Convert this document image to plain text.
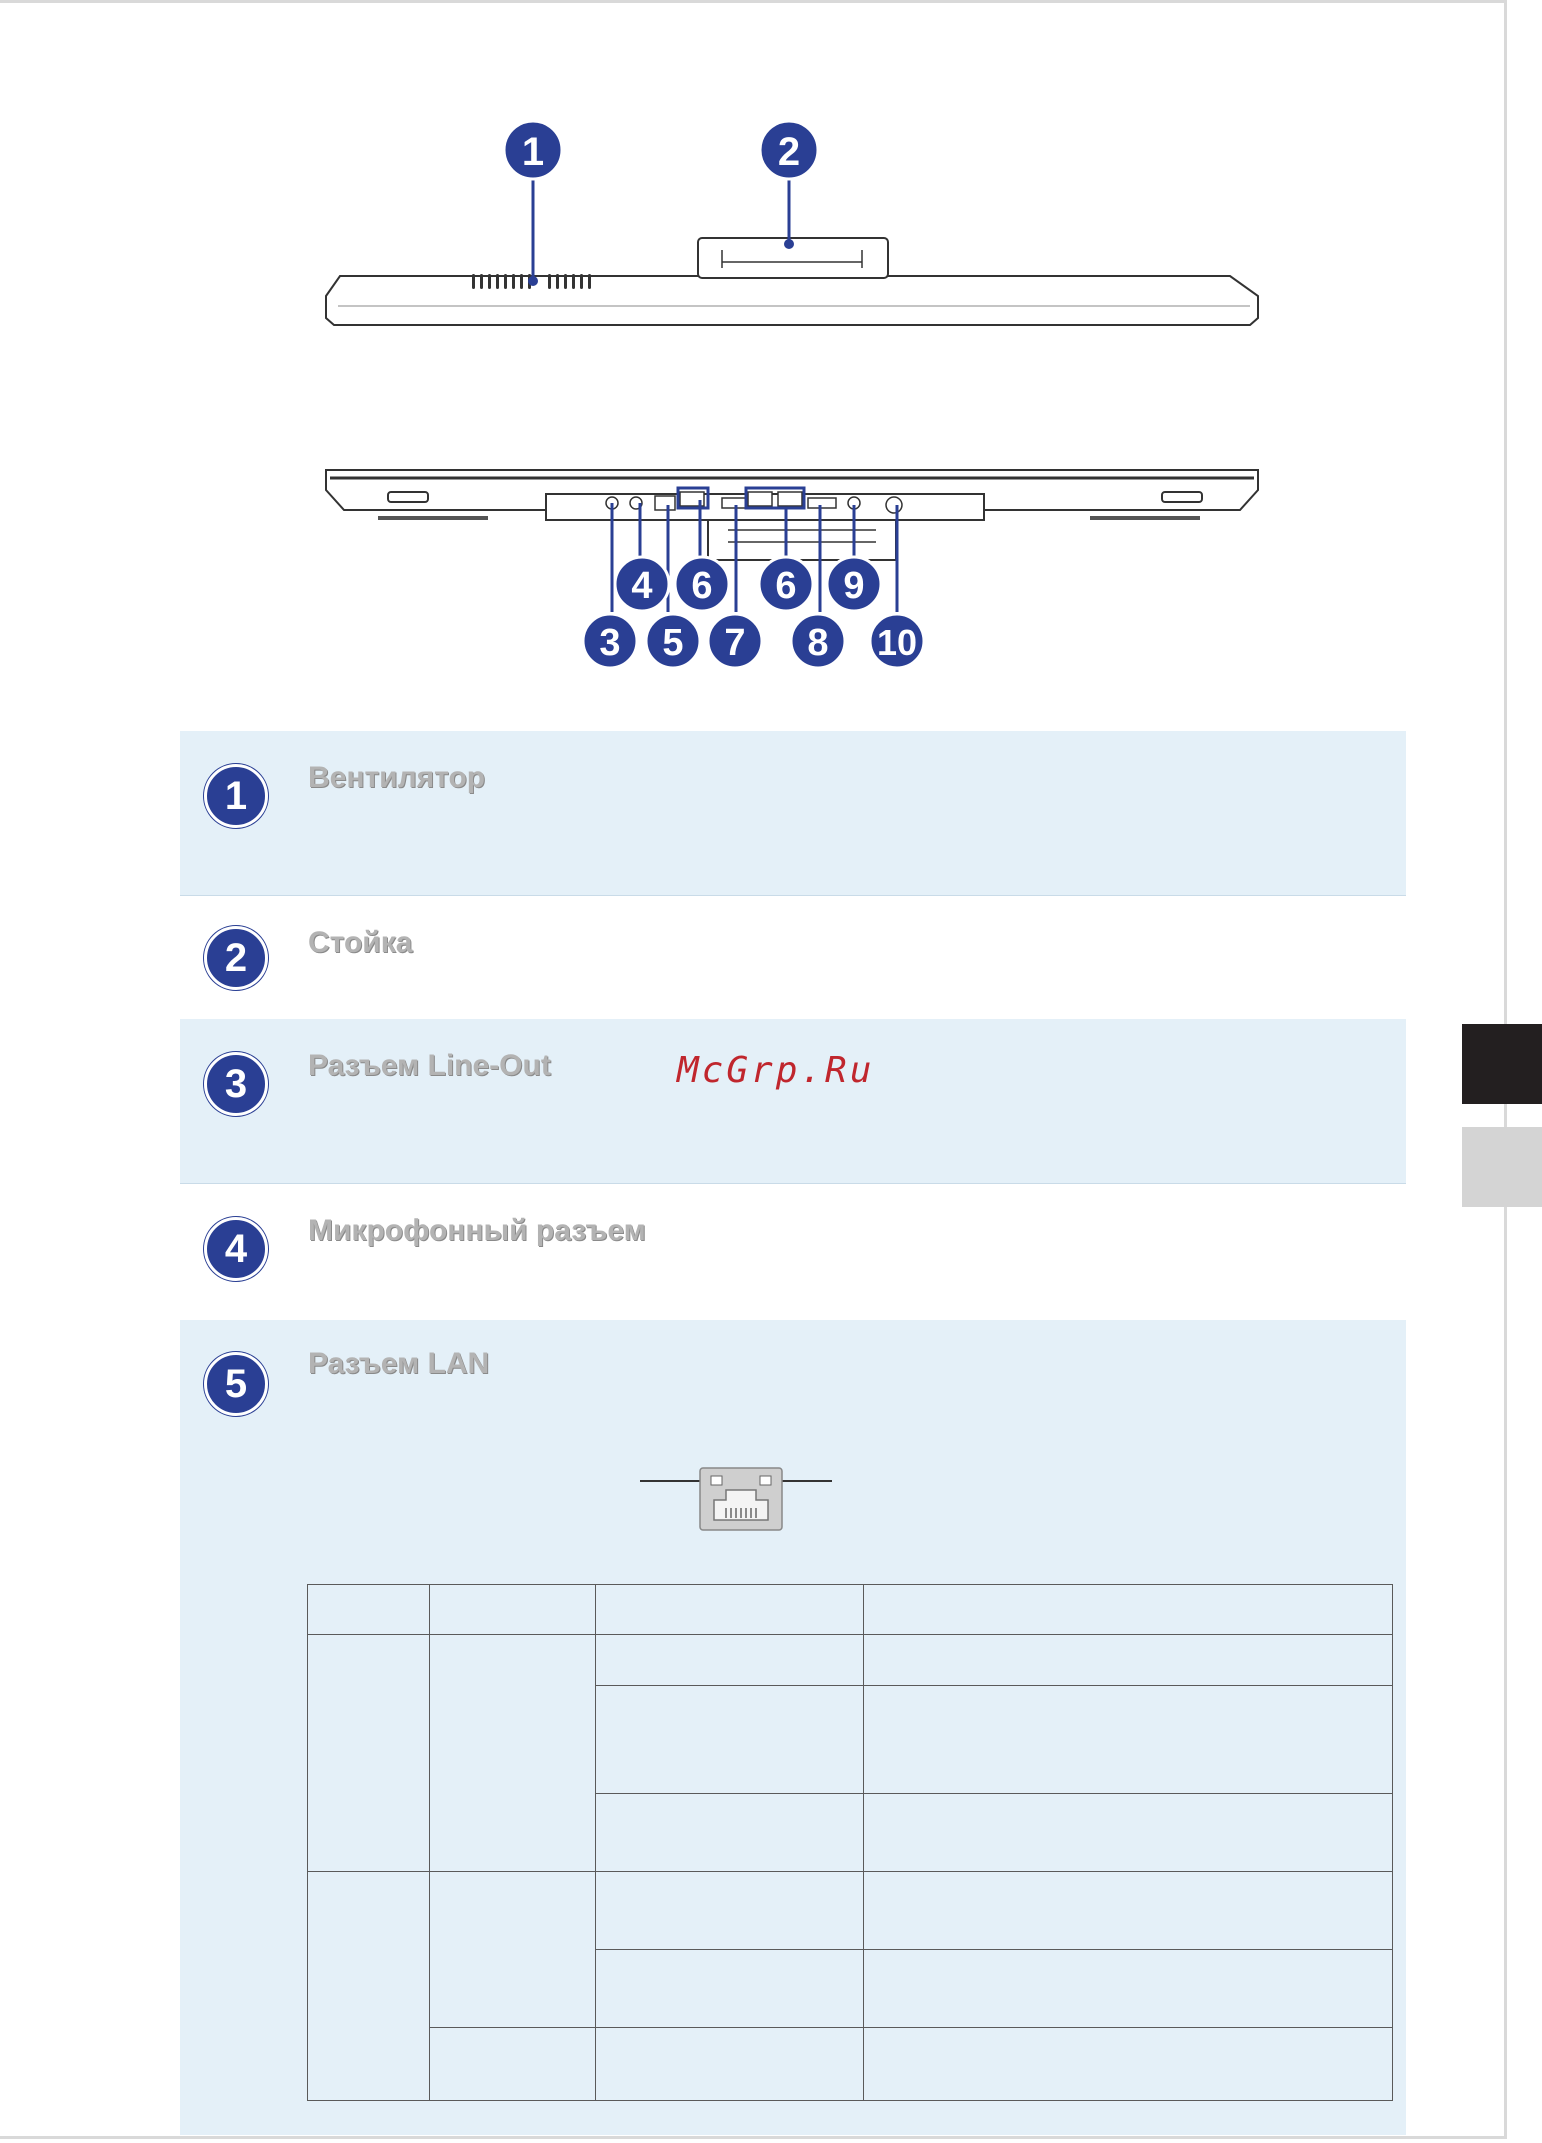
1	2
4 6 6 9
3 5 7 8 10
1	Вентилятор
2	Стойка
3	Разъем Line-Out
4	Микрофонный разъем
5	Разъем LAN
McGrp.Ru
